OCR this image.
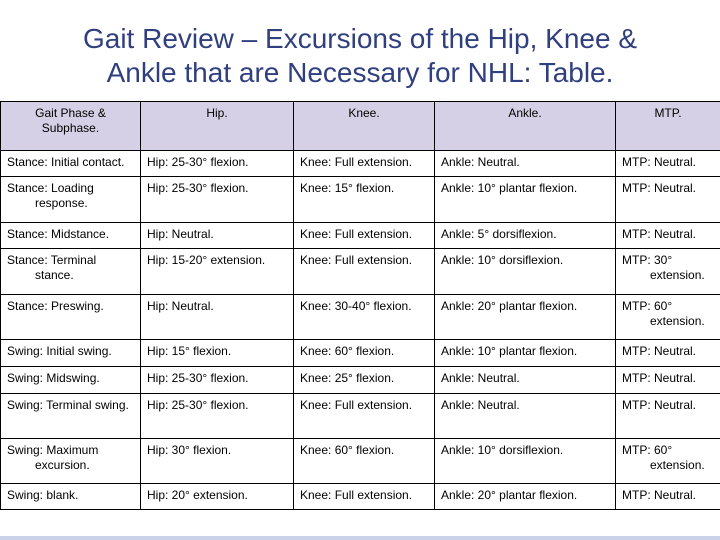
Gait Review – Excursions of the Hip, Knee &
Ankle that are Necessary for NHL: Table.
Gait Phase & Subphase.	Hip.	Knee.	Ankle.	MTP.

Stance: Initial contact.	Hip: 25-30° flexion.	Knee: Full extension.	Ankle: Neutral.	MTP: Neutral.

Stance: Loading response.	Hip: 25-30° flexion.	Knee: 15° flexion.	Ankle: 10° plantar flexion.	MTP: Neutral.

Stance: Midstance.	Hip: Neutral.	Knee: Full extension.	Ankle: 5° dorsiflexion.	MTP: Neutral.

Stance: Terminal stance.	Hip: 15-20° extension.	Knee: Full extension.	Ankle: 10° dorsiflexion.	MTP: 30° extension.

Stance: Preswing.	Hip: Neutral.	Knee: 30-40° flexion.	Ankle: 20° plantar flexion.	MTP: 60° extension.

Swing: Initial swing.	Hip: 15° flexion.	Knee: 60° flexion.	Ankle: 10° plantar flexion.	MTP: Neutral.

Swing: Midswing.	Hip: 25-30° flexion.	Knee: 25° flexion.	Ankle: Neutral.	MTP: Neutral.

Swing: Terminal swing.	Hip: 25-30° flexion.	Knee: Full extension.	Ankle: Neutral.	MTP: Neutral.

Swing: Maximum excursion.	Hip: 30° flexion.	Knee: 60° flexion.	Ankle: 10° dorsiflexion.	MTP: 60° extension.

Swing: blank.	Hip: 20° extension.	Knee: Full extension.	Ankle: 20° plantar flexion.	MTP: Neutral.
